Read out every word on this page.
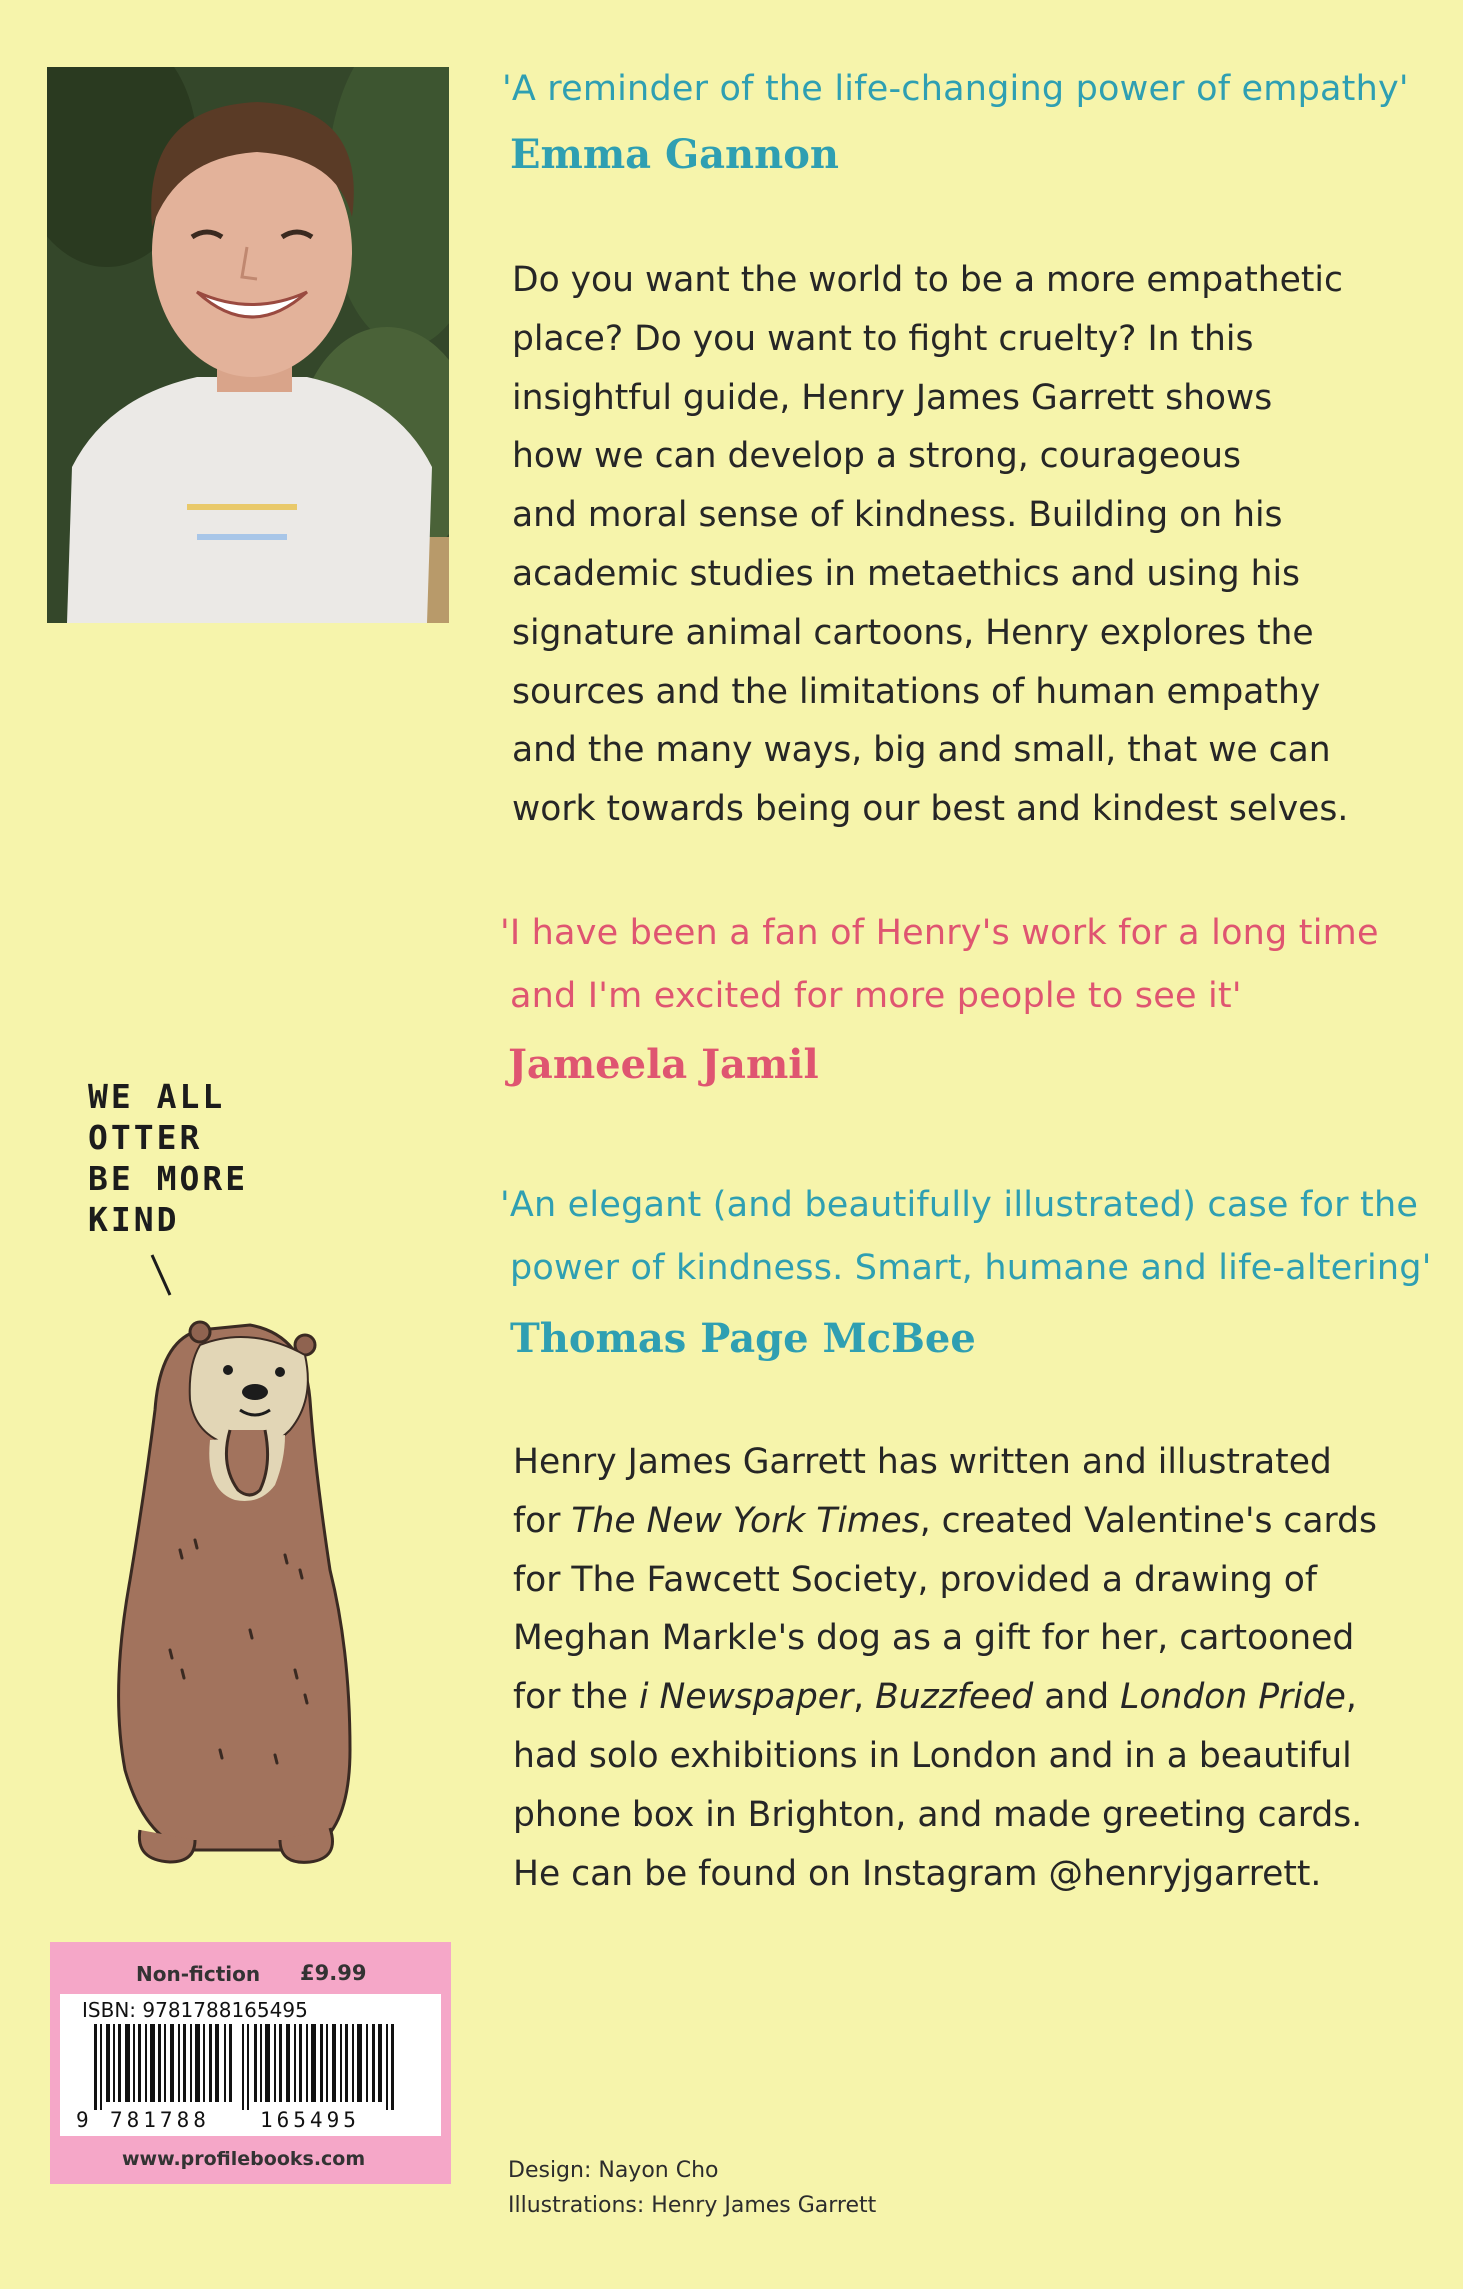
'A reminder of the life-changing power of empathy'
Emma Gannon

Do you want the world to be a more empathetic

place? Do you want to fight cruelty? In this

insightful guide, Henry James Garrett shows

how we can develop a strong, courageous

and moral sense of kindness. Building on his

academic studies in metaethics and using his

signature animal cartoons, Henry explores the

sources and the limitations of human empathy

and the many ways, big and small, that we can

work towards being our best and kindest selves.

'I have been a fan of Henry's work for a long time
and I'm excited for more people to see it'
Jameela Jamil
'An elegant (and beautifully illustrated) case for the
power of kindness. Smart, humane and life-altering'
Thomas Page McBee

Henry James Garrett has written and illustrated

for The New York Times, created Valentine's cards

for The Fawcett Society, provided a drawing of

Meghan Markle's dog as a gift for her, cartooned

for the i Newspaper, Buzzfeed and London Pride,

had solo exhibitions in London and in a beautiful

phone box in Brighton, and made greeting cards.

He can be found on Instagram @henryjgarrett.

WE ALL
OTTER
BE MORE
KIND
Non-fiction £9.99
ISBN: 9781788165495
9 781788 165495
www.profilebooks.com	Design: Nayon Cho
Illustrations: Henry James Garrett
